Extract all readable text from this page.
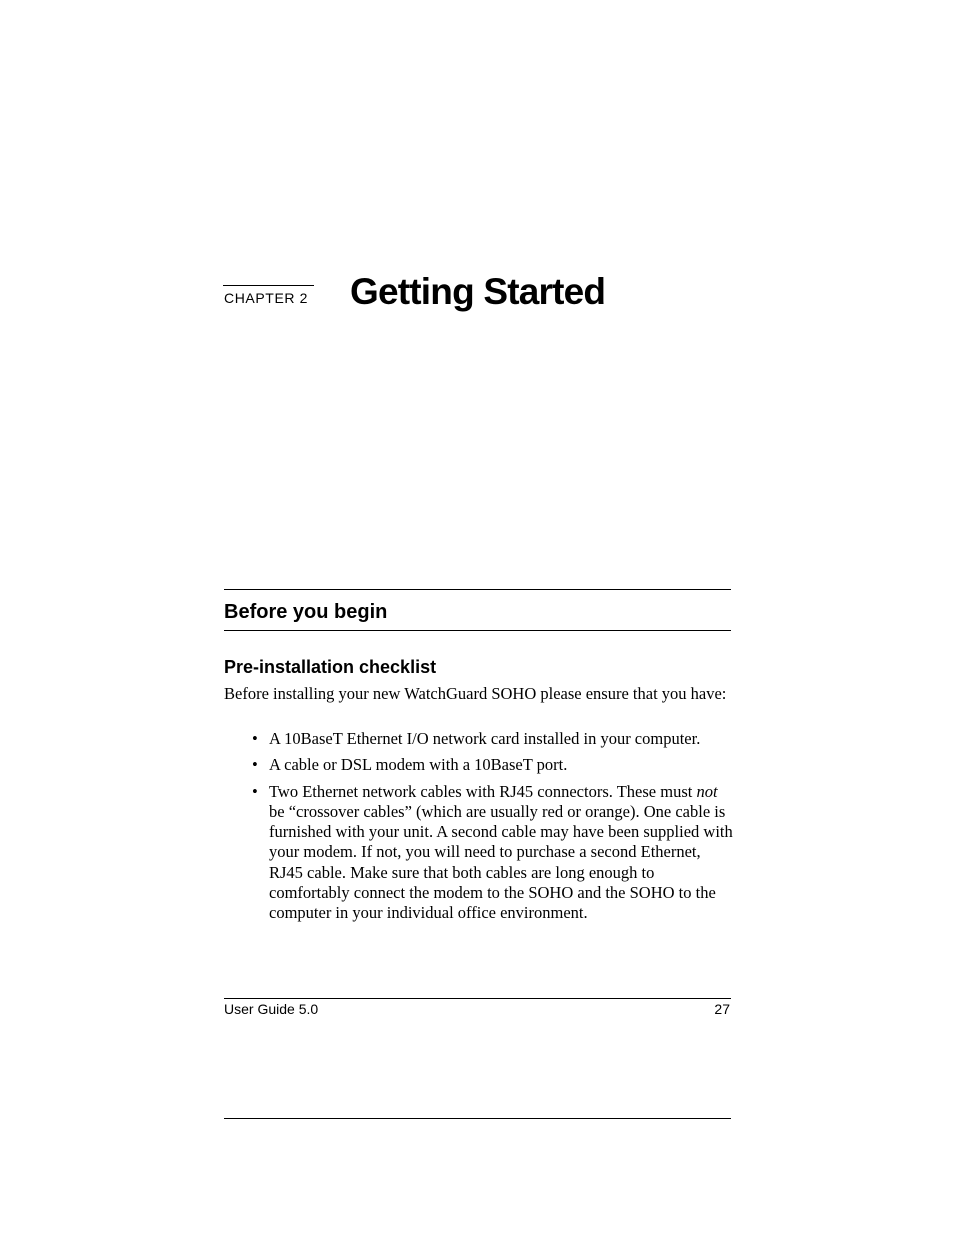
CHAPTER 2 Getting Started
Before you begin
Pre-installation checklist

Before installing your new WatchGuard SOHO please ensure that you have:

• A 10BaseT Ethernet I/O network card installed in your computer.
• A cable or DSL modem with a 10BaseT port.
• Two Ethernet network cables with RJ45 connectors. These must not be “crossover cables” (which are usually red or orange). One cable is furnished with your unit. A second cable may have been supplied with your modem. If not, you will need to purchase a second Ethernet, RJ45 cable. Make sure that both cables are long enough to comfortably connect the modem to the SOHO and the SOHO to the computer in your individual office environment.
User Guide 5.0	27
